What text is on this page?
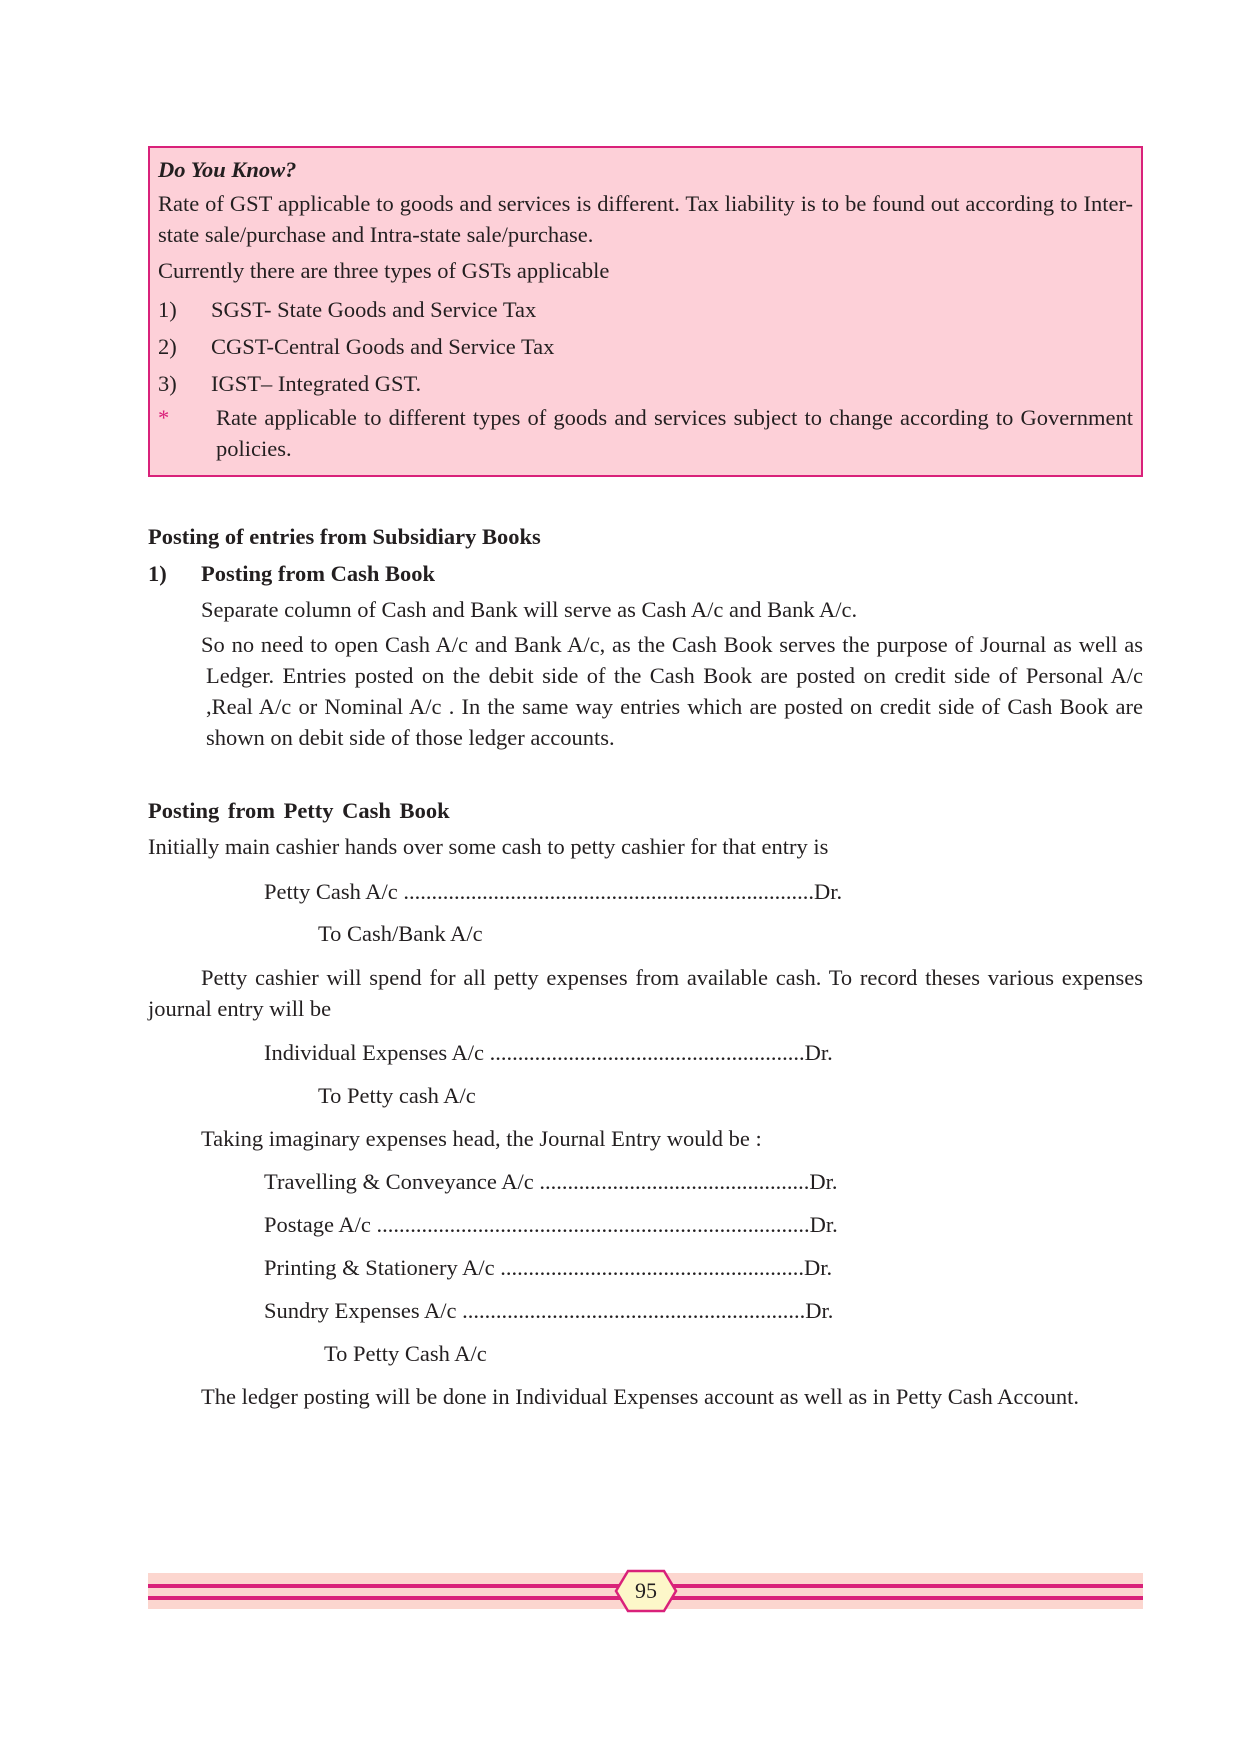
Do You Know?

Rate of GST applicable to goods and services is different. Tax liability is to be found out according to Inter-state sale/purchase and Intra-state sale/purchase.

Currently there are three types of GSTs applicable

1)	SGST- State Goods and Service Tax
2)	CGST-Central Goods and Service Tax
3)	IGST– Integrated GST.
*	Rate applicable to different types of goods and services subject to change according to Government policies.

Posting of entries from Subsidiary Books

1)	Posting from Cash Book

Separate column of Cash and Bank will serve as Cash A/c and Bank A/c.

So no need to open Cash A/c and Bank A/c, as the Cash Book serves the purpose of Journal as well as Ledger. Entries posted on the debit side of the Cash Book are posted on credit side of Personal A/c ,Real A/c or Nominal A/c . In the same way entries which are posted on credit side of Cash Book are shown on debit side of those ledger accounts.

Posting from Petty Cash Book

Initially main cashier hands over some cash to petty cashier for that entry is

Petty Cash A/c .........................................................................Dr.
To Cash/Bank A/c

Petty cashier will spend for all petty expenses from available cash. To record theses various expenses journal entry will be

Individual Expenses A/c ........................................................Dr.
To Petty cash A/c
Taking imaginary expenses head, the Journal Entry would be :
Travelling & Conveyance A/c ................................................Dr.
Postage A/c .............................................................................Dr.
Printing & Stationery A/c ......................................................Dr.
Sundry Expenses A/c .............................................................Dr.
To Petty Cash A/c
The ledger posting will be done in Individual Expenses account as well as in Petty Cash Account.
95
